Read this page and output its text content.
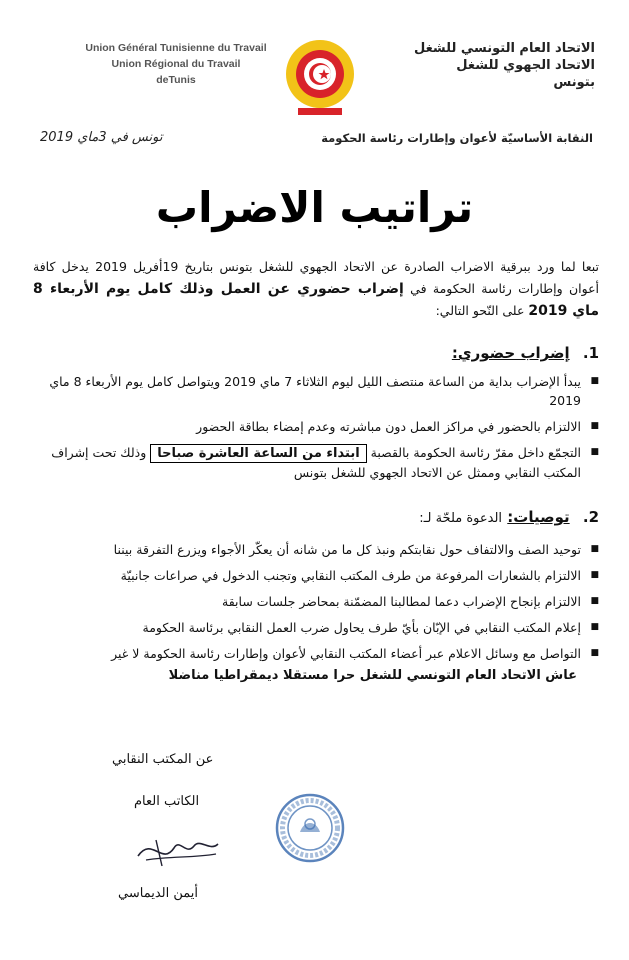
Union Général Tunisienne du Travail
Union Régional du Travail
deTunis
الاتحاد العام التونسي للشغل
الاتحاد الجهوي للشغل
بتونس
النقابة الأساسيّة لأعوان وإطارات رئاسة الحكومة
تونس في 3ماي 2019
تراتيب الاضراب
تبعا لما ورد ببرقية الاضراب الصادرة عن الاتحاد الجهوي للشغل بتونس بتاريخ 19أفريل 2019 يدخل كافة أعوان وإطارات رئاسة الحكومة في إضراب حضوري عن العمل وذلك كامل يوم الأربعاء 8 ماي 2019 على النّحو التالي:
1. إضراب حضوري:
■
يبدأ الإضراب بداية من الساعة منتصف الليل ليوم الثلاثاء 7 ماي 2019 ويتواصل كامل يوم الأربعاء 8 ماي 2019
■
الالتزام بالحضور في مراكز العمل دون مباشرته وعدم إمضاء بطاقة الحضور
■
التجمّع داخل مقرّ رئاسة الحكومة بالقصبة ابتداء من الساعة العاشرة صباحا وذلك تحت إشراف المكتب النقابي وممثل عن الاتحاد الجهوي للشغل بتونس
2. توصيات: الدعوة ملحّة لـ:
■
توحيد الصف والالتفاف حول نقابتكم ونبذ كل ما من شانه أن يعكّر الأجواء ويزرع التفرقة بيننا
■
الالتزام بالشعارات المرفوعة من طرف المكتب النقابي وتجنب الدخول في صراعات جانبيّة
■
الالتزام بإنجاح الإضراب دعما لمطالبنا المضمّنة بمحاضر جلسات سابقة
■
إعلام المكتب النقابي في الإبّان بأيّ طرف يحاول ضرب العمل النقابي برئاسة الحكومة
■
التواصل مع وسائل الاعلام عبر أعضاء المكتب النقابي لأعوان وإطارات رئاسة الحكومة لا غير
عاش الاتحاد العام التونسي للشغل حرا مستقلا ديمقراطيا مناضلا
عن المكتب النقابي
الكاتب العام
أيمن الديماسي
